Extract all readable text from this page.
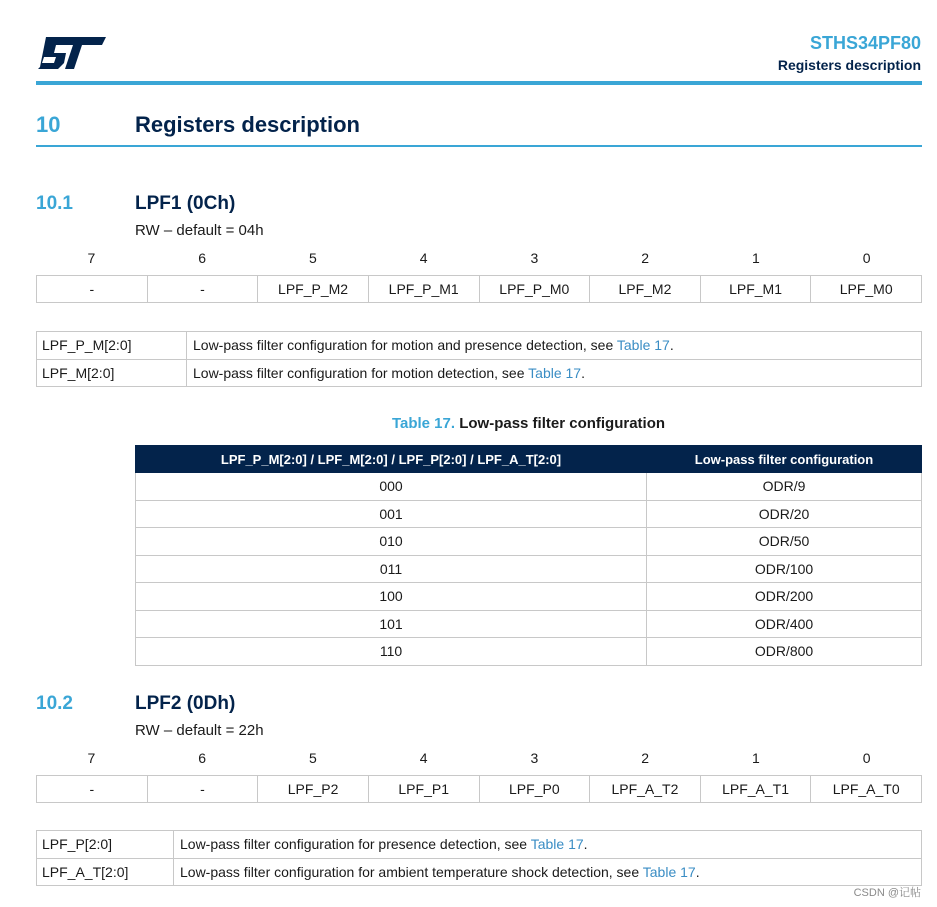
STHS34PF80
Registers description
10	Registers description
10.1	LPF1 (0Ch)
RW – default = 04h
7	6	5	4	3	2	1	0
-	-	LPF_P_M2	LPF_P_M1	LPF_P_M0	LPF_M2	LPF_M1	LPF_M0
LPF_P_M[2:0]	Low-pass filter configuration for motion and presence detection, see Table 17.
LPF_M[2:0]	Low-pass filter configuration for motion detection, see Table 17.
Table 17. Low-pass filter configuration
LPF_P_M[2:0] / LPF_M[2:0] / LPF_P[2:0] / LPF_A_T[2:0]	Low-pass filter configuration
000	ODR/9
001	ODR/20
010	ODR/50
011	ODR/100
100	ODR/200
101	ODR/400
110	ODR/800
10.2	LPF2 (0Dh)
RW – default = 22h
7	6	5	4	3	2	1	0
-	-	LPF_P2	LPF_P1	LPF_P0	LPF_A_T2	LPF_A_T1	LPF_A_T0
LPF_P[2:0]	Low-pass filter configuration for presence detection, see Table 17.
LPF_A_T[2:0]	Low-pass filter configuration for ambient temperature shock detection, see Table 17.
CSDN @记帖
